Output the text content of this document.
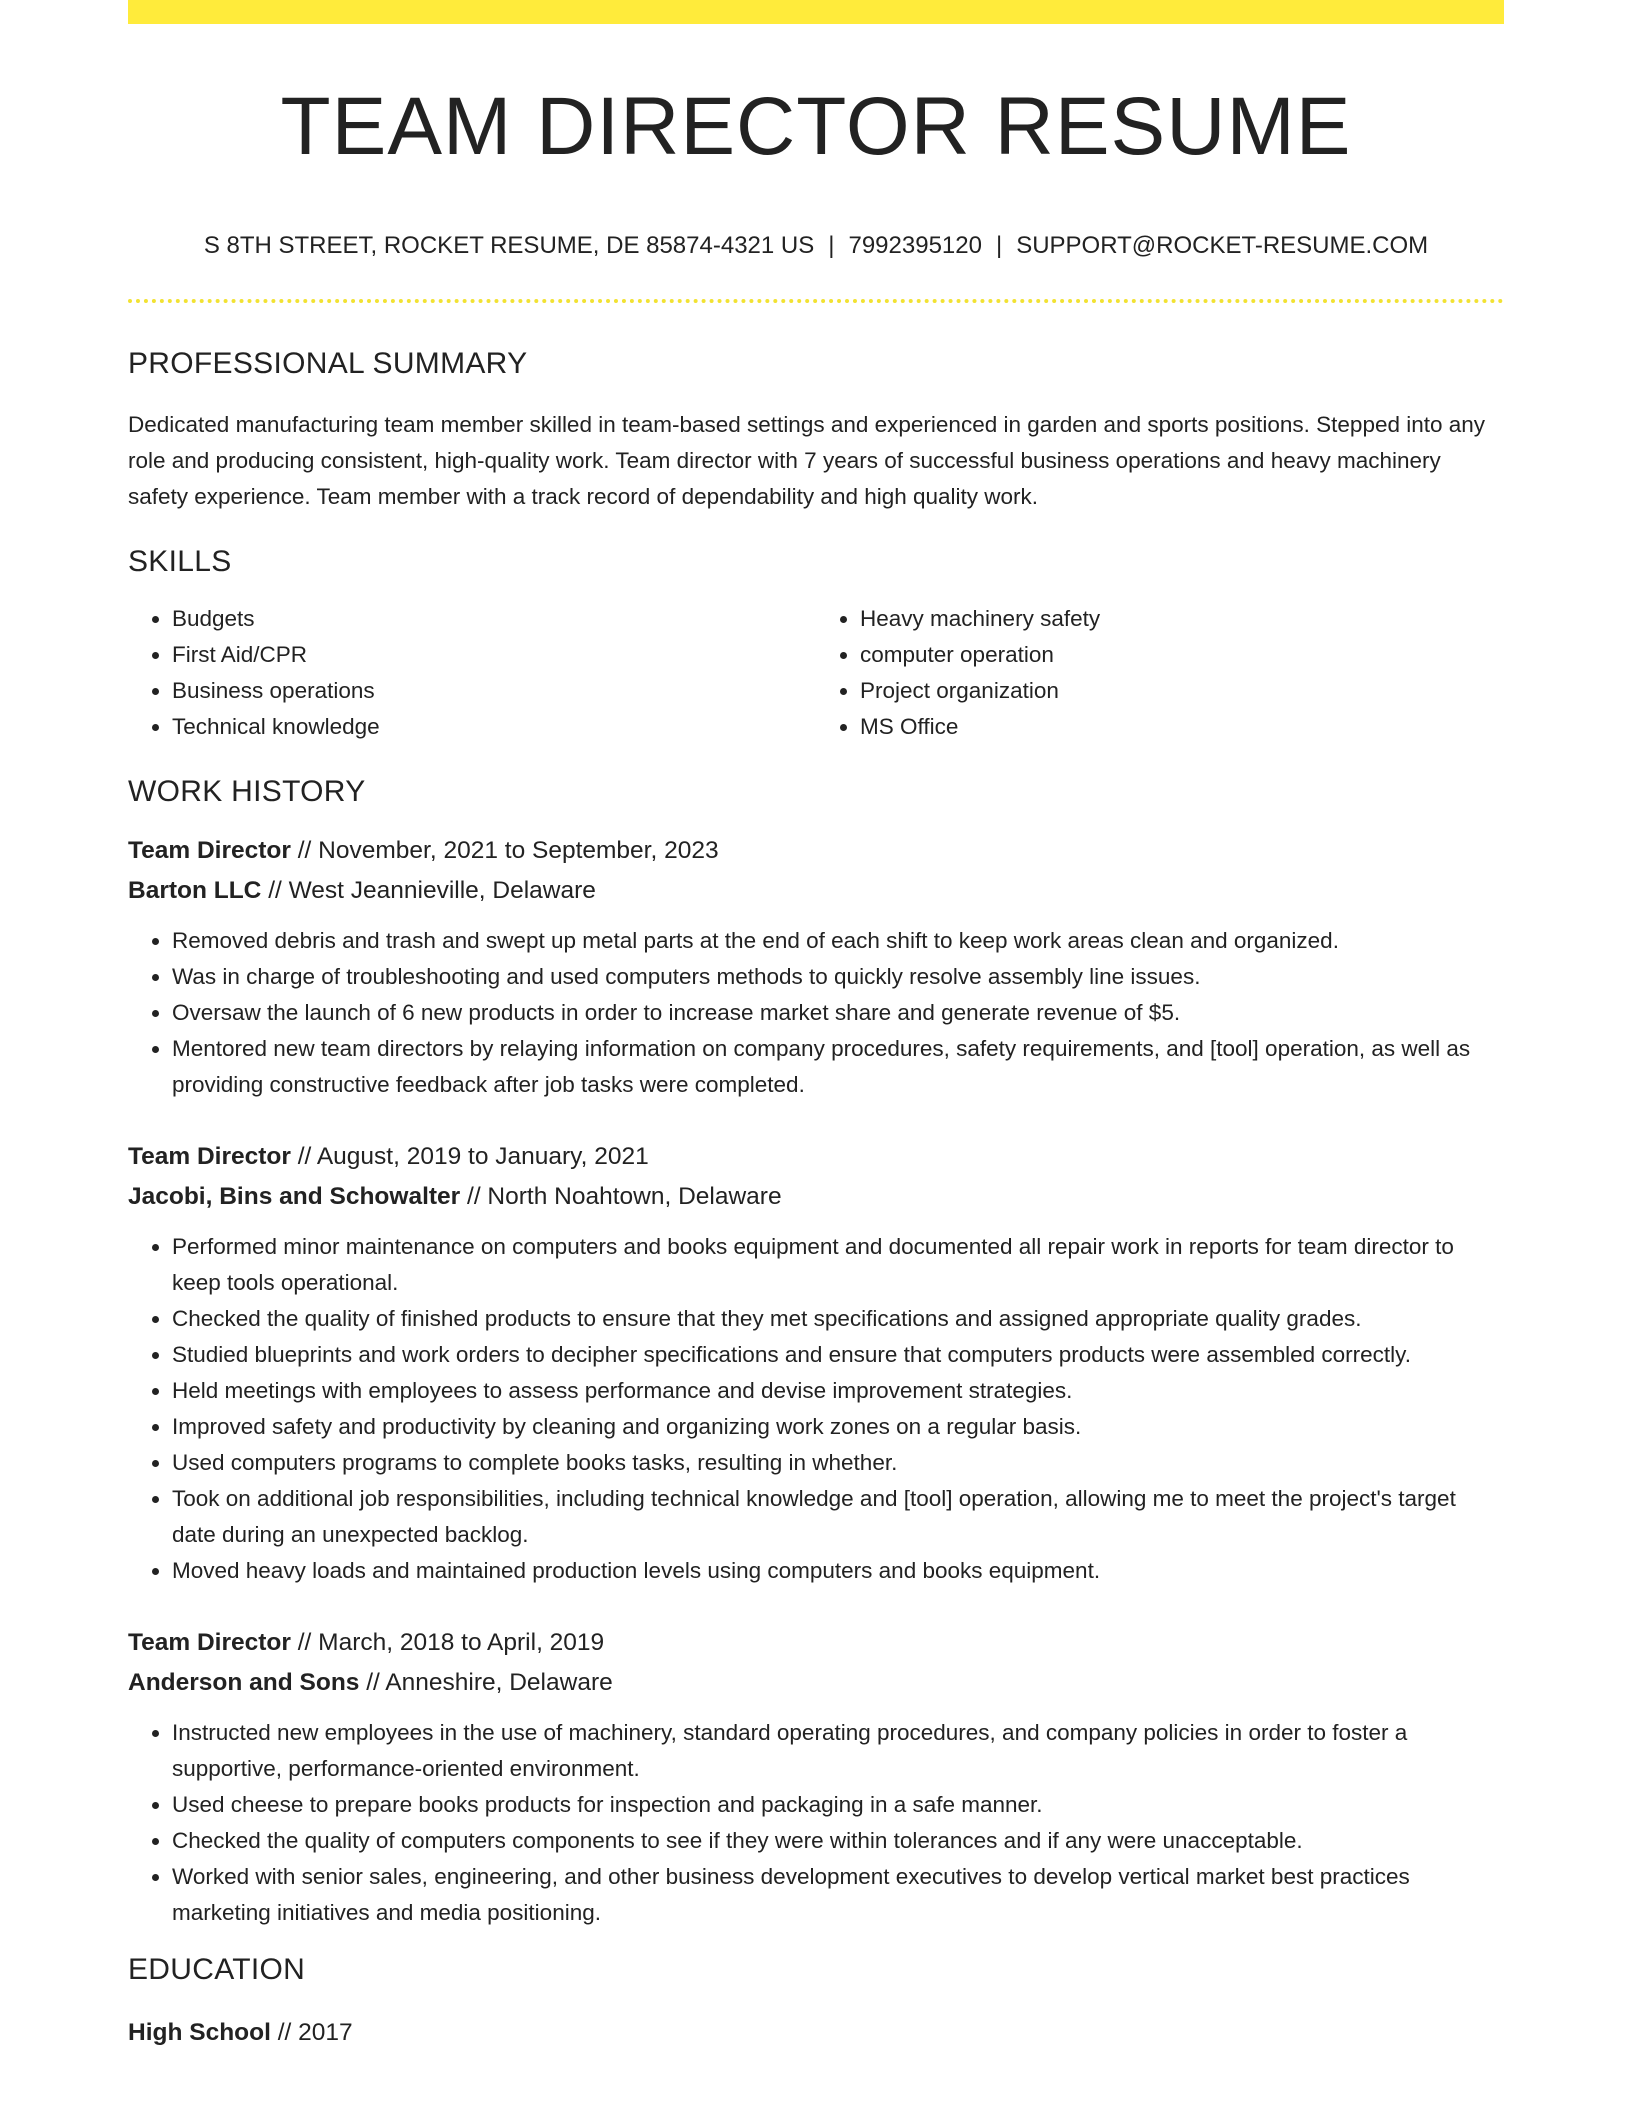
TEAM DIRECTOR RESUME
S 8TH STREET, ROCKET RESUME, DE 85874-4321 US | 7992395120 | SUPPORT@ROCKET-RESUME.COM
PROFESSIONAL SUMMARY

Dedicated manufacturing team member skilled in team-based settings and experienced in garden and sports positions. Stepped into any role and producing consistent, high-quality work. Team director with 7 years of successful business operations and heavy machinery safety experience. Team member with a track record of dependability and high quality work.

SKILLS
• Budgets
• First Aid/CPR
• Business operations
• Technical knowledge
• Heavy machinery safety
• computer operation
• Project organization
• MS Office
WORK HISTORY
Team Director // November, 2021 to September, 2023
Barton LLC // West Jeannieville, Delaware
• Removed debris and trash and swept up metal parts at the end of each shift to keep work areas clean and organized.
• Was in charge of troubleshooting and used computers methods to quickly resolve assembly line issues.
• Oversaw the launch of 6 new products in order to increase market share and generate revenue of $5.
• Mentored new team directors by relaying information on company procedures, safety requirements, and [tool] operation, as well as providing constructive feedback after job tasks were completed.
Team Director // August, 2019 to January, 2021
Jacobi, Bins and Schowalter // North Noahtown, Delaware
• Performed minor maintenance on computers and books equipment and documented all repair work in reports for team director to keep tools operational.
• Checked the quality of finished products to ensure that they met specifications and assigned appropriate quality grades.
• Studied blueprints and work orders to decipher specifications and ensure that computers products were assembled correctly.
• Held meetings with employees to assess performance and devise improvement strategies.
• Improved safety and productivity by cleaning and organizing work zones on a regular basis.
• Used computers programs to complete books tasks, resulting in whether.
• Took on additional job responsibilities, including technical knowledge and [tool] operation, allowing me to meet the project's target date during an unexpected backlog.
• Moved heavy loads and maintained production levels using computers and books equipment.
Team Director // March, 2018 to April, 2019
Anderson and Sons // Anneshire, Delaware
• Instructed new employees in the use of machinery, standard operating procedures, and company policies in order to foster a supportive, performance-oriented environment.
• Used cheese to prepare books products for inspection and packaging in a safe manner.
• Checked the quality of computers components to see if they were within tolerances and if any were unacceptable.
• Worked with senior sales, engineering, and other business development executives to develop vertical market best practices marketing initiatives and media positioning.
EDUCATION
High School // 2017
